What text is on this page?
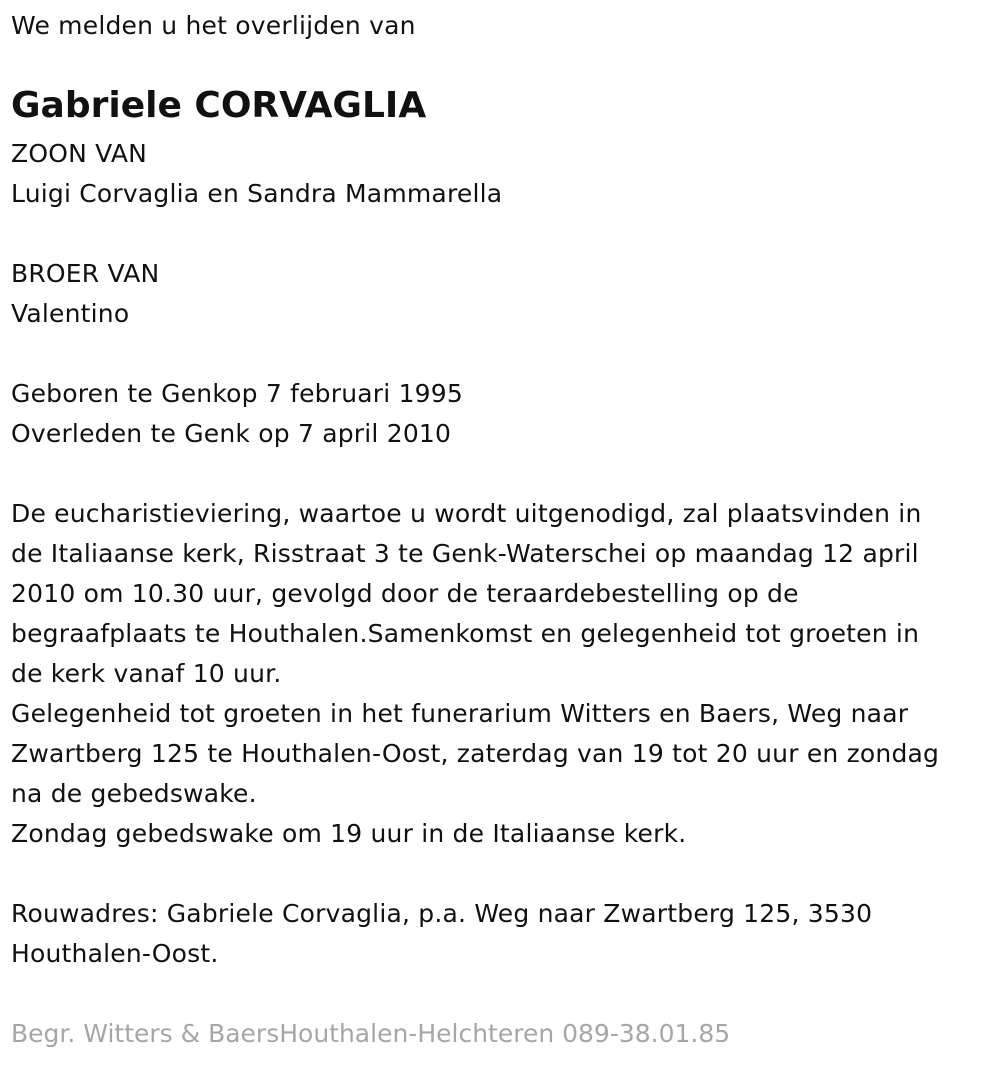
We melden u het overlijden van
Gabriele CORVAGLIA
ZOON VAN
Luigi Corvaglia en Sandra Mammarella
BROER VAN
Valentino
Geboren te Genkop 7 februari 1995
Overleden te Genk op 7 april 2010
De eucharistieviering, waartoe u wordt uitgenodigd, zal plaatsvinden in
de Italiaanse kerk, Risstraat 3 te Genk-Waterschei op maandag 12 april
2010 om 10.30 uur, gevolgd door de teraardebestelling op de
begraafplaats te Houthalen.Samenkomst en gelegenheid tot groeten in
de kerk vanaf 10 uur.
Gelegenheid tot groeten in het funerarium Witters en Baers, Weg naar
Zwartberg 125 te Houthalen-Oost, zaterdag van 19 tot 20 uur en zondag
na de gebedswake.
Zondag gebedswake om 19 uur in de Italiaanse kerk.
Rouwadres: Gabriele Corvaglia, p.a. Weg naar Zwartberg 125, 3530
Houthalen-Oost.
Begr. Witters & BaersHouthalen-Helchteren 089-38.01.85
